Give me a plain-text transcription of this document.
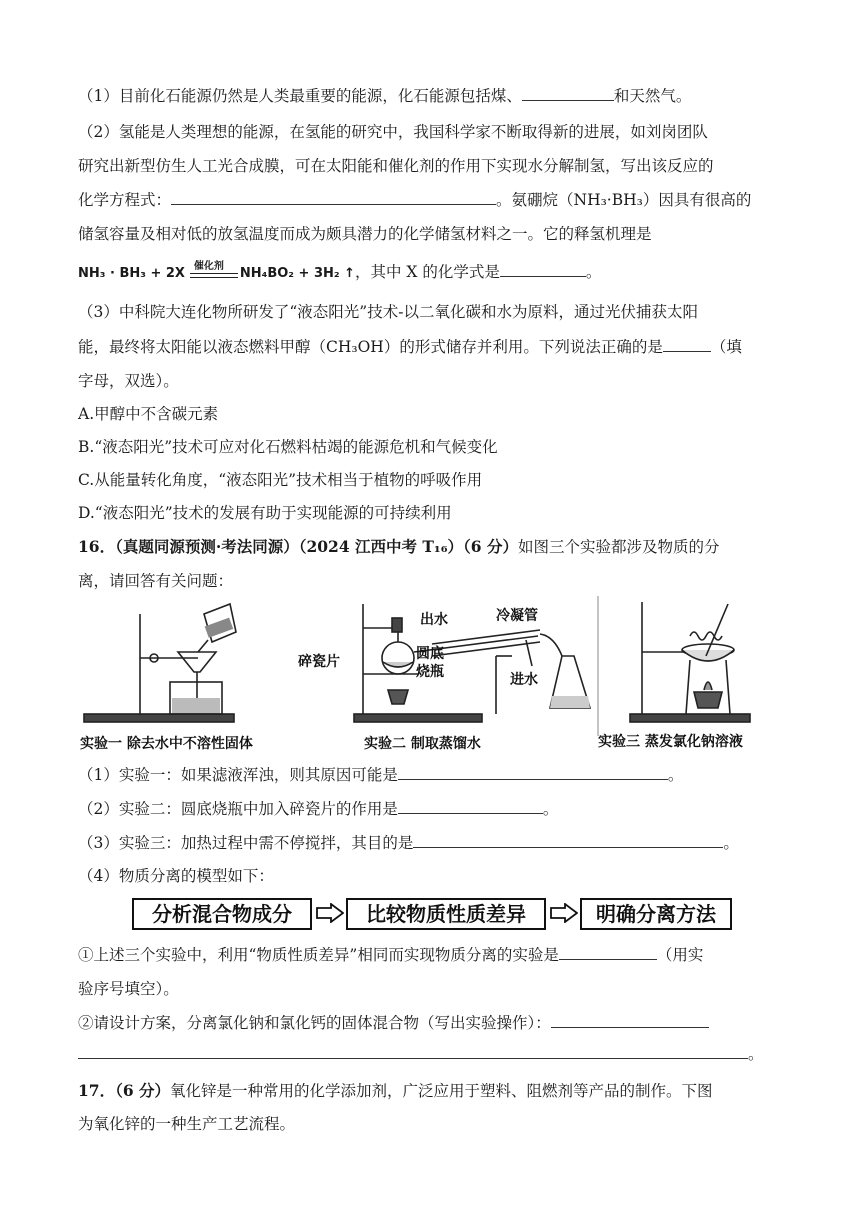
（1）目前化石能源仍然是人类最重要的能源，化石能源包括煤、	和天然气。
（2）氢能是人类理想的能源，在氢能的研究中，我国科学家不断取得新的进展，如刘岗团队
研究出新型仿生人工光合成膜，可在太阳能和催化剂的作用下实现水分解制氢，写出该反应的
化学方程式：	。氨硼烷（NH₃·BH₃）因具有很高的
储氢容量及相对低的放氢温度而成为颇具潜力的化学储氢材料之一。它的释氢机理是
NH₃ · BH₃ + 2X 催化剂 NH₄BO₂ + 3H₂ ↑，其中 X 的化学式是	。
（3）中科院大连化物所研发了“液态阳光”技术-以二氧化碳和水为原料，通过光伏捕获太阳
能，最终将太阳能以液态燃料甲醇（CH₃OH）的形式储存并利用。下列说法正确的是	（填
字母，双选）。
A.甲醇中不含碳元素
B.“液态阳光”技术可应对化石燃料枯竭的能源危机和气候变化
C.从能量转化角度，“液态阳光”技术相当于植物的呼吸作用
D.“液态阳光”技术的发展有助于实现能源的可持续利用
16．（真题同源预测·考法同源）（2024 江西中考 T₁₆）（6 分）如图三个实验都涉及物质的分
离，请回答有关问题：
实验一 除去水中不溶性固体	实验二 制取蒸馏水	实验三 蒸发氯化钠溶液
出水	冷凝管
碎瓷片	圆底
烧瓶	进水
（1）实验一：如果滤液浑浊，则其原因可能是	。
（2）实验二：圆底烧瓶中加入碎瓷片的作用是	。
（3）实验三：加热过程中需不停搅拌，其目的是	。
（4）物质分离的模型如下：
分析混合物成分	比较物质性质差异	明确分离方法
①上述三个实验中，利用“物质性质差异”相同而实现物质分离的实验是	（用实
验序号填空）。
②请设计方案，分离氯化钠和氯化钙的固体混合物（写出实验操作）：
。
17．（6 分）氧化锌是一种常用的化学添加剂，广泛应用于塑料、阻燃剂等产品的制作。下图
为氧化锌的一种生产工艺流程。
